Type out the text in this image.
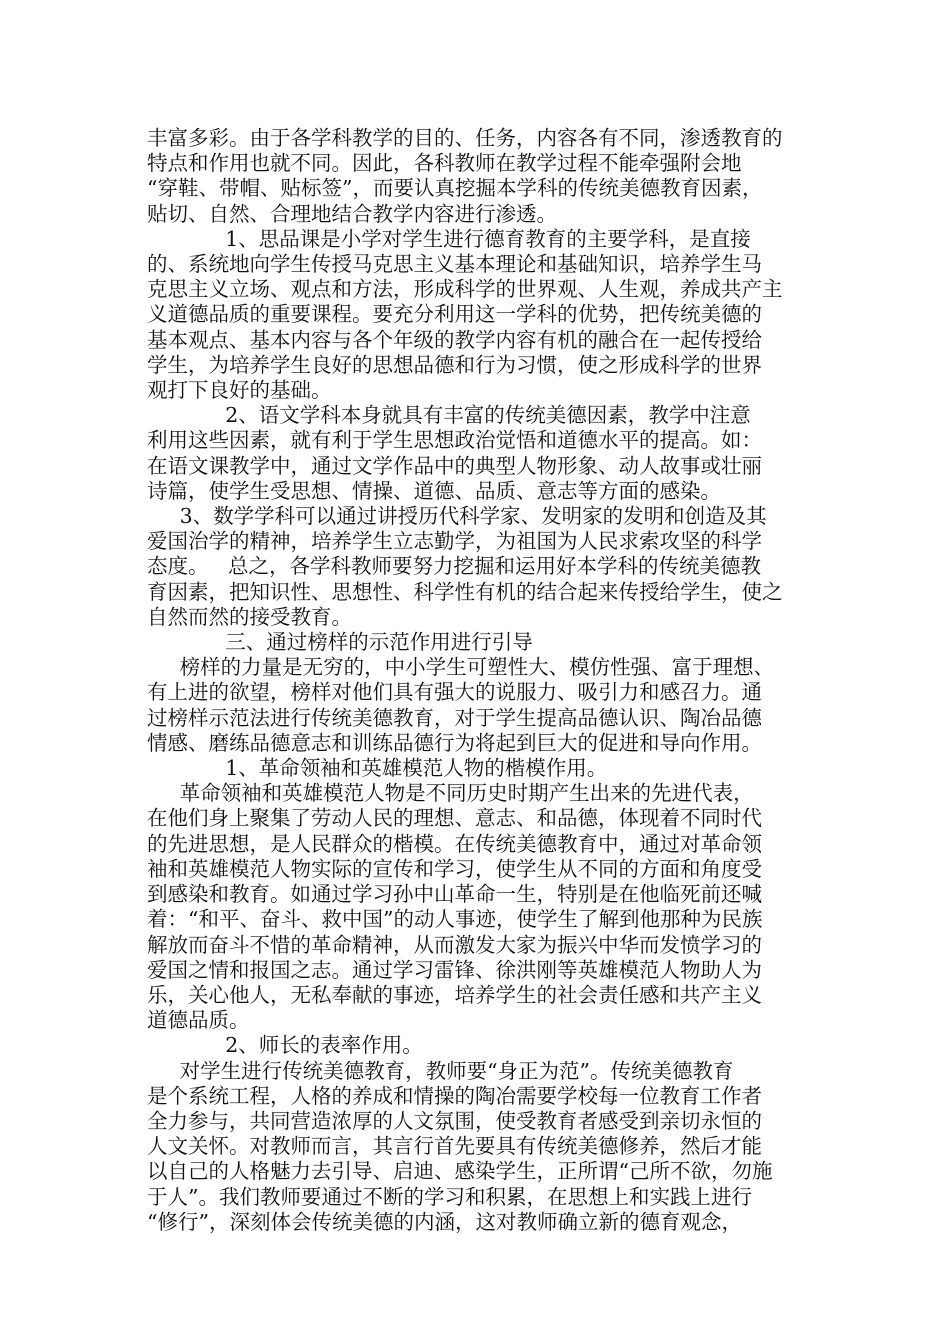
丰富多彩。由于各学科教学的目的、任务，内容各有不同，渗透教育的
特点和作用也就不同。因此，各科教师在教学过程不能牵强附会地
“穿鞋、带帽、贴标签”，而要认真挖掘本学科的传统美德教育因素，
贴切、自然、合理地结合教学内容进行渗透。
1、思品课是小学对学生进行德育教育的主要学科，是直接
的、系统地向学生传授马克思主义基本理论和基础知识，培养学生马
克思主义立场、观点和方法，形成科学的世界观、人生观，养成共产主
义道德品质的重要课程。要充分利用这一学科的优势，把传统美德的
基本观点、基本内容与各个年级的教学内容有机的融合在一起传授给
学生，为培养学生良好的思想品德和行为习惯，使之形成科学的世界
观打下良好的基础。
2、语文学科本身就具有丰富的传统美德因素，教学中注意
利用这些因素，就有利于学生思想政治觉悟和道德水平的提高。如：
在语文课教学中，通过文学作品中的典型人物形象、动人故事或壮丽
诗篇，使学生受思想、情操、道德、品质、意志等方面的感染。
3、数学学科可以通过讲授历代科学家、发明家的发明和创造及其
爱国治学的精神，培养学生立志勤学，为祖国为人民求索攻坚的科学
态度。   总之，各学科教师要努力挖掘和运用好本学科的传统美德教
育因素，把知识性、思想性、科学性有机的结合起来传授给学生，使之
自然而然的接受教育。
三、通过榜样的示范作用进行引导
榜样的力量是无穷的，中小学生可塑性大、模仿性强、富于理想、
有上进的欲望，榜样对他们具有强大的说服力、吸引力和感召力。通
过榜样示范法进行传统美德教育，对于学生提高品德认识、陶冶品德
情感、磨练品德意志和训练品德行为将起到巨大的促进和导向作用。
1、革命领袖和英雄模范人物的楷模作用。
革命领袖和英雄模范人物是不同历史时期产生出来的先进代表，
在他们身上聚集了劳动人民的理想、意志、和品德，体现着不同时代
的先进思想，是人民群众的楷模。在传统美德教育中，通过对革命领
袖和英雄模范人物实际的宣传和学习，使学生从不同的方面和角度受
到感染和教育。如通过学习孙中山革命一生，特别是在他临死前还喊
着：“和平、奋斗、救中国”的动人事迹，使学生了解到他那种为民族
解放而奋斗不惜的革命精神，从而激发大家为振兴中华而发愤学习的
爱国之情和报国之志。通过学习雷锋、徐洪刚等英雄模范人物助人为
乐，关心他人，无私奉献的事迹，培养学生的社会责任感和共产主义
道德品质。
2、师长的表率作用。
对学生进行传统美德教育，教师要“身正为范”。传统美德教育
是个系统工程，人格的养成和情操的陶冶需要学校每一位教育工作者
全力参与，共同营造浓厚的人文氛围，使受教育者感受到亲切永恒的
人文关怀。对教师而言，其言行首先要具有传统美德修养，然后才能
以自己的人格魅力去引导、启迪、感染学生，正所谓“己所不欲，勿施
于人”。我们教师要通过不断的学习和积累，在思想上和实践上进行
“修行”，深刻体会传统美德的内涵，这对教师确立新的德育观念，
